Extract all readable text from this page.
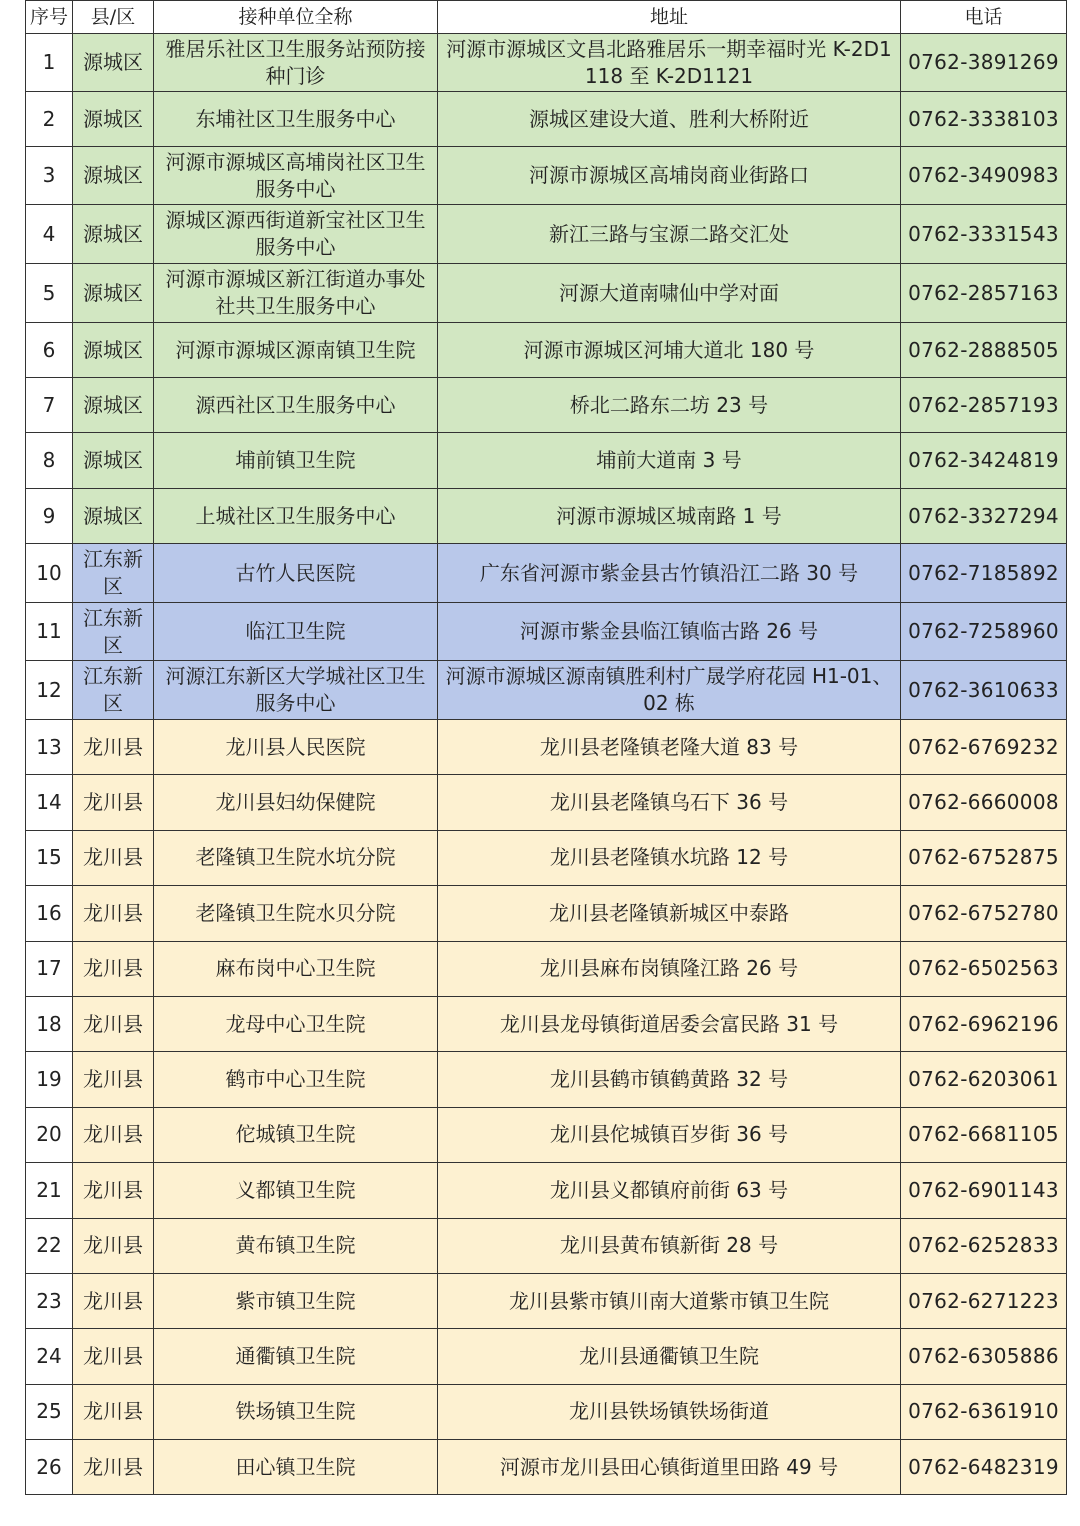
序号	县/区	接种单位全称	地址	电话
1	源城区	雅居乐社区卫生服务站预防接种门诊	河源市源城区文昌北路雅居乐一期幸福时光 K-2D1118 至 K-2D1121	0762-3891269
2	源城区	东埔社区卫生服务中心	源城区建设大道、胜利大桥附近	0762-3338103
3	源城区	河源市源城区高埔岗社区卫生服务中心	河源市源城区高埔岗商业街路口	0762-3490983
4	源城区	源城区源西街道新宝社区卫生服务中心	新江三路与宝源二路交汇处	0762-3331543
5	源城区	河源市源城区新江街道办事处社共卫生服务中心	河源大道南啸仙中学对面	0762-2857163
6	源城区	河源市源城区源南镇卫生院	河源市源城区河埔大道北 180 号	0762-2888505
7	源城区	源西社区卫生服务中心	桥北二路东二坊 23 号	0762-2857193
8	源城区	埔前镇卫生院	埔前大道南 3 号	0762-3424819
9	源城区	上城社区卫生服务中心	河源市源城区城南路 1 号	0762-3327294
10	江东新区	古竹人民医院	广东省河源市紫金县古竹镇沿江二路 30 号	0762-7185892
11	江东新区	临江卫生院	河源市紫金县临江镇临古路 26 号	0762-7258960
12	江东新区	河源江东新区大学城社区卫生服务中心	河源市源城区源南镇胜利村广晟学府花园 H1-01、02 栋	0762-3610633
13	龙川县	龙川县人民医院	龙川县老隆镇老隆大道 83 号	0762-6769232
14	龙川县	龙川县妇幼保健院	龙川县老隆镇乌石下 36 号	0762-6660008
15	龙川县	老隆镇卫生院水坑分院	龙川县老隆镇水坑路 12 号	0762-6752875
16	龙川县	老隆镇卫生院水贝分院	龙川县老隆镇新城区中泰路	0762-6752780
17	龙川县	麻布岗中心卫生院	龙川县麻布岗镇隆江路 26 号	0762-6502563
18	龙川县	龙母中心卫生院	龙川县龙母镇街道居委会富民路 31 号	0762-6962196
19	龙川县	鹤市中心卫生院	龙川县鹤市镇鹤黄路 32 号	0762-6203061
20	龙川县	佗城镇卫生院	龙川县佗城镇百岁街 36 号	0762-6681105
21	龙川县	义都镇卫生院	龙川县义都镇府前街 63 号	0762-6901143
22	龙川县	黄布镇卫生院	龙川县黄布镇新街 28 号	0762-6252833
23	龙川县	紫市镇卫生院	龙川县紫市镇川南大道紫市镇卫生院	0762-6271223
24	龙川县	通衢镇卫生院	龙川县通衢镇卫生院	0762-6305886
25	龙川县	铁场镇卫生院	龙川县铁场镇铁场街道	0762-6361910
26	龙川县	田心镇卫生院	河源市龙川县田心镇街道里田路 49 号	0762-6482319
